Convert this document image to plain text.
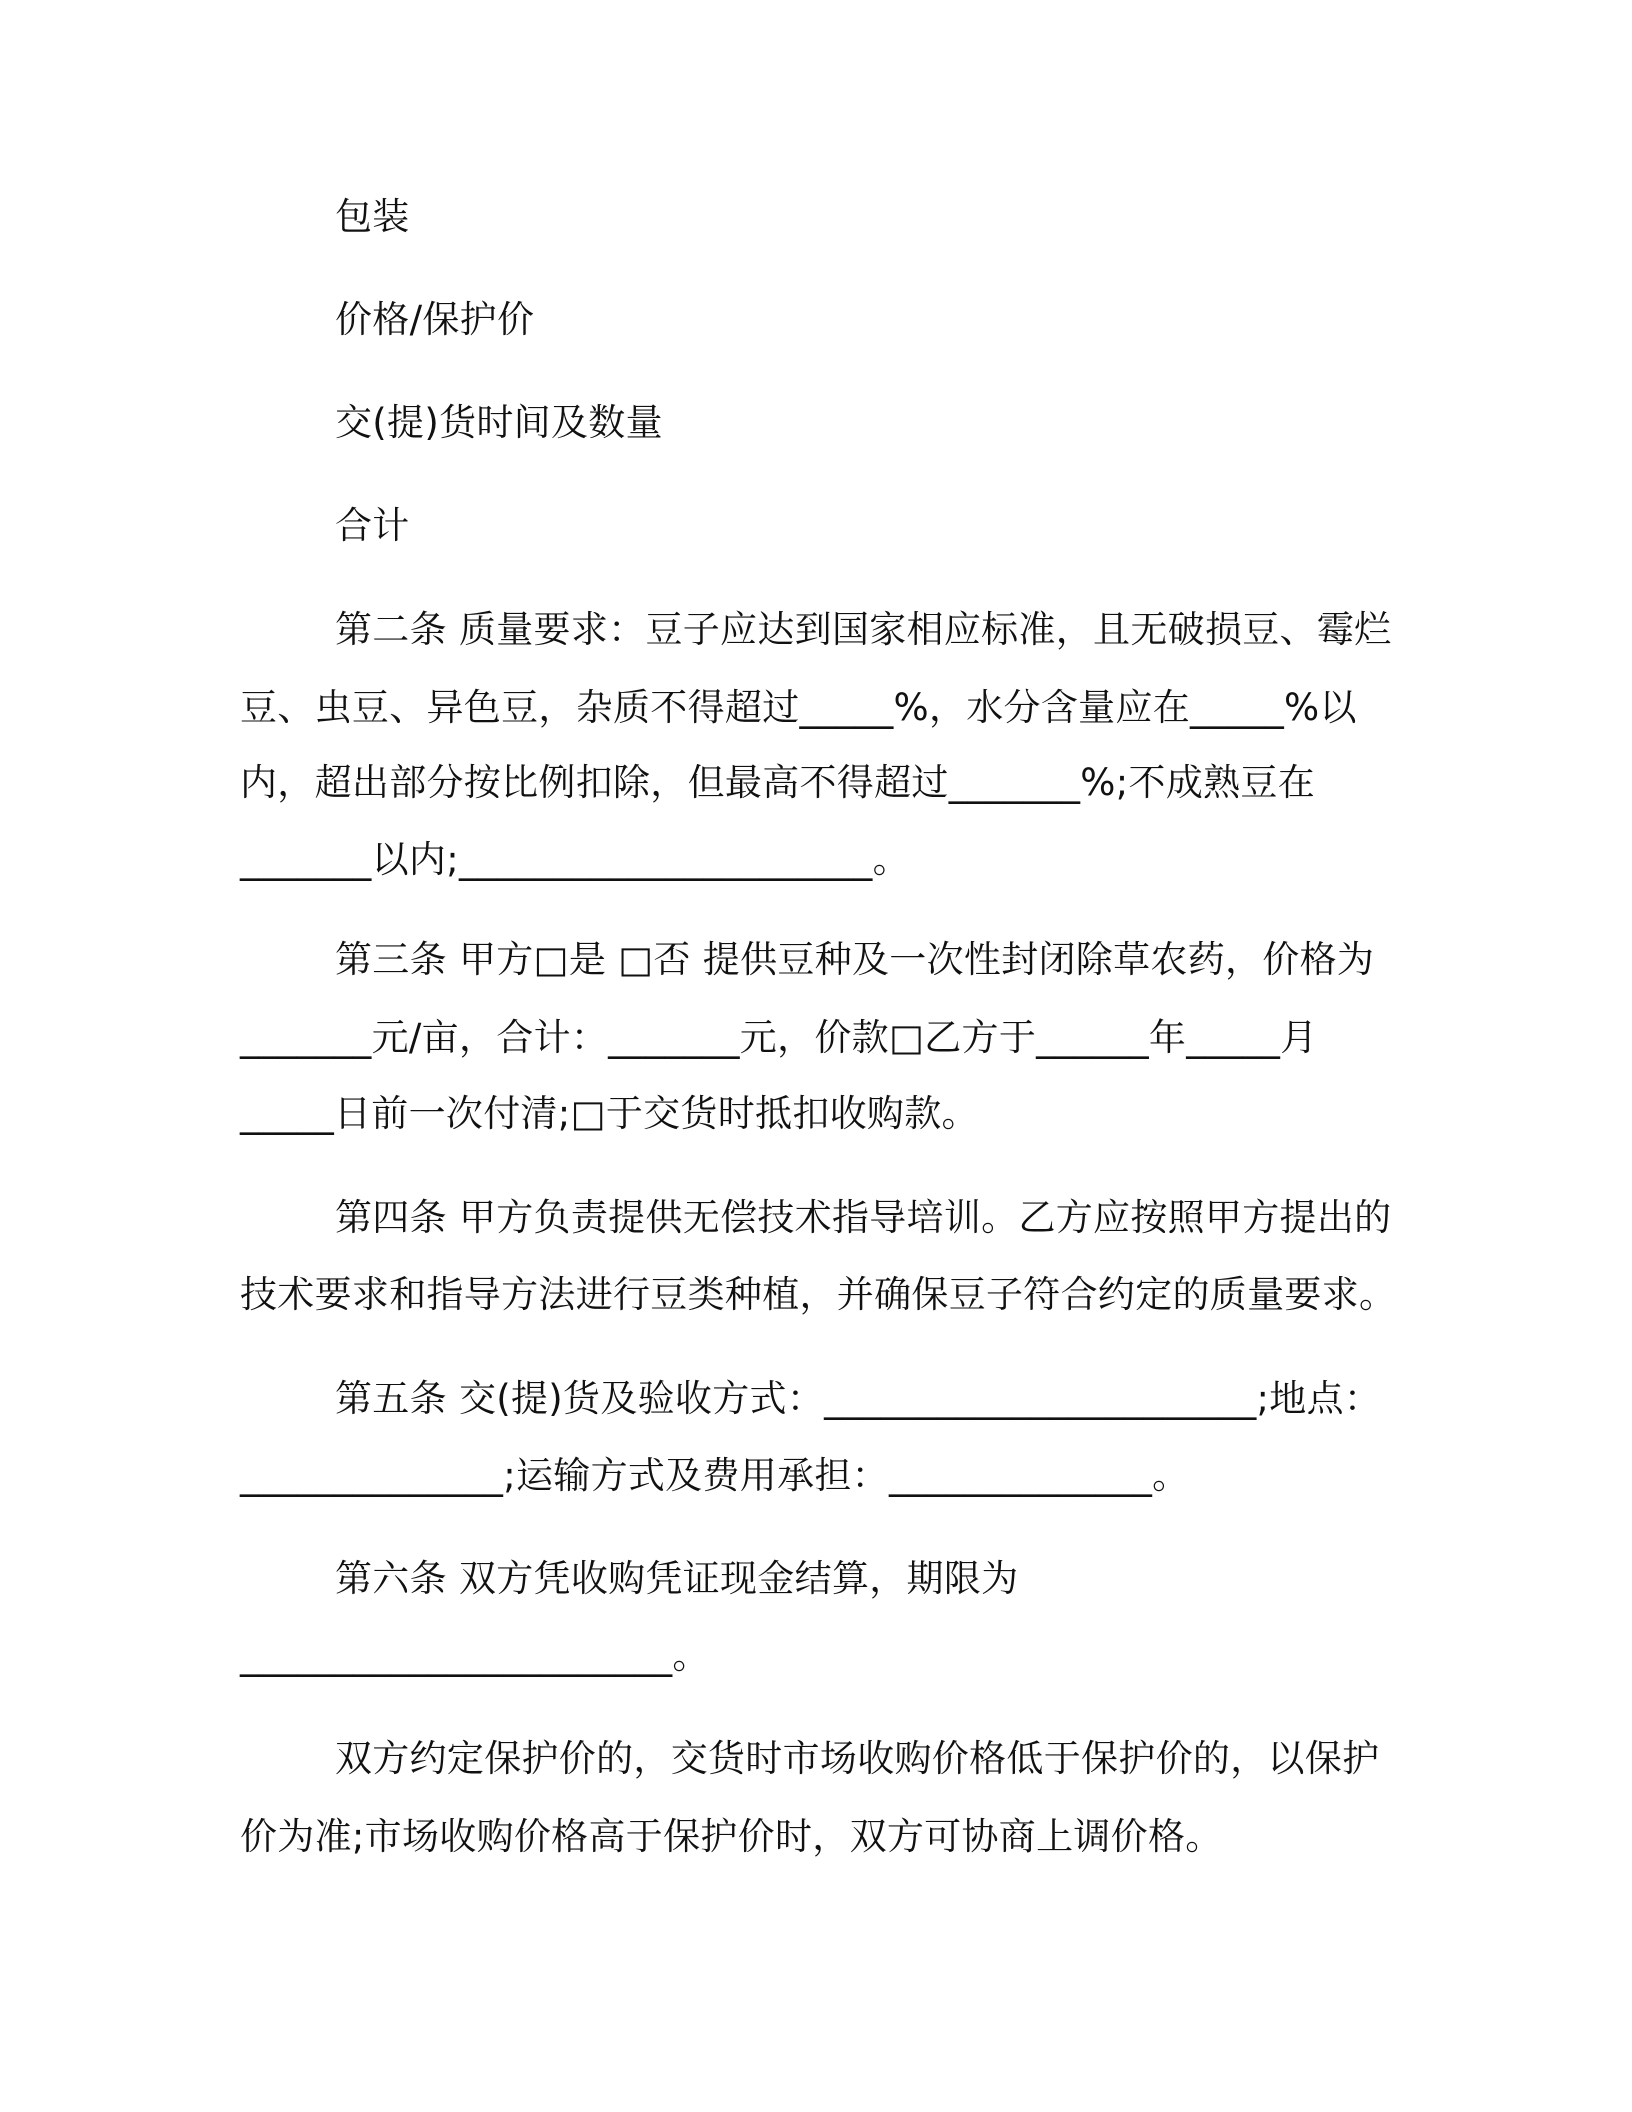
包装
价格/保护价
交(提)货时间及数量
合计
第二条 质量要求：豆子应达到国家相应标准，且无破损豆、霉烂
豆、虫豆、异色豆，杂质不得超过_____%，水分含量应在_____%以
内，超出部分按比例扣除，但最高不得超过_______%;不成熟豆在
_______以内;______________________。
第三条 甲方□是 □否 提供豆种及一次性封闭除草农药，价格为
_______元/亩，合计：_______元，价款□乙方于______年_____月
_____日前一次付清;□于交货时抵扣收购款。
第四条 甲方负责提供无偿技术指导培训。乙方应按照甲方提出的
技术要求和指导方法进行豆类种植，并确保豆子符合约定的质量要求。
第五条 交(提)货及验收方式：_______________________;地点：
______________;运输方式及费用承担：______________。
第六条 双方凭收购凭证现金结算，期限为
_______________________。
双方约定保护价的，交货时市场收购价格低于保护价的，以保护
价为准;市场收购价格高于保护价时，双方可协商上调价格。
